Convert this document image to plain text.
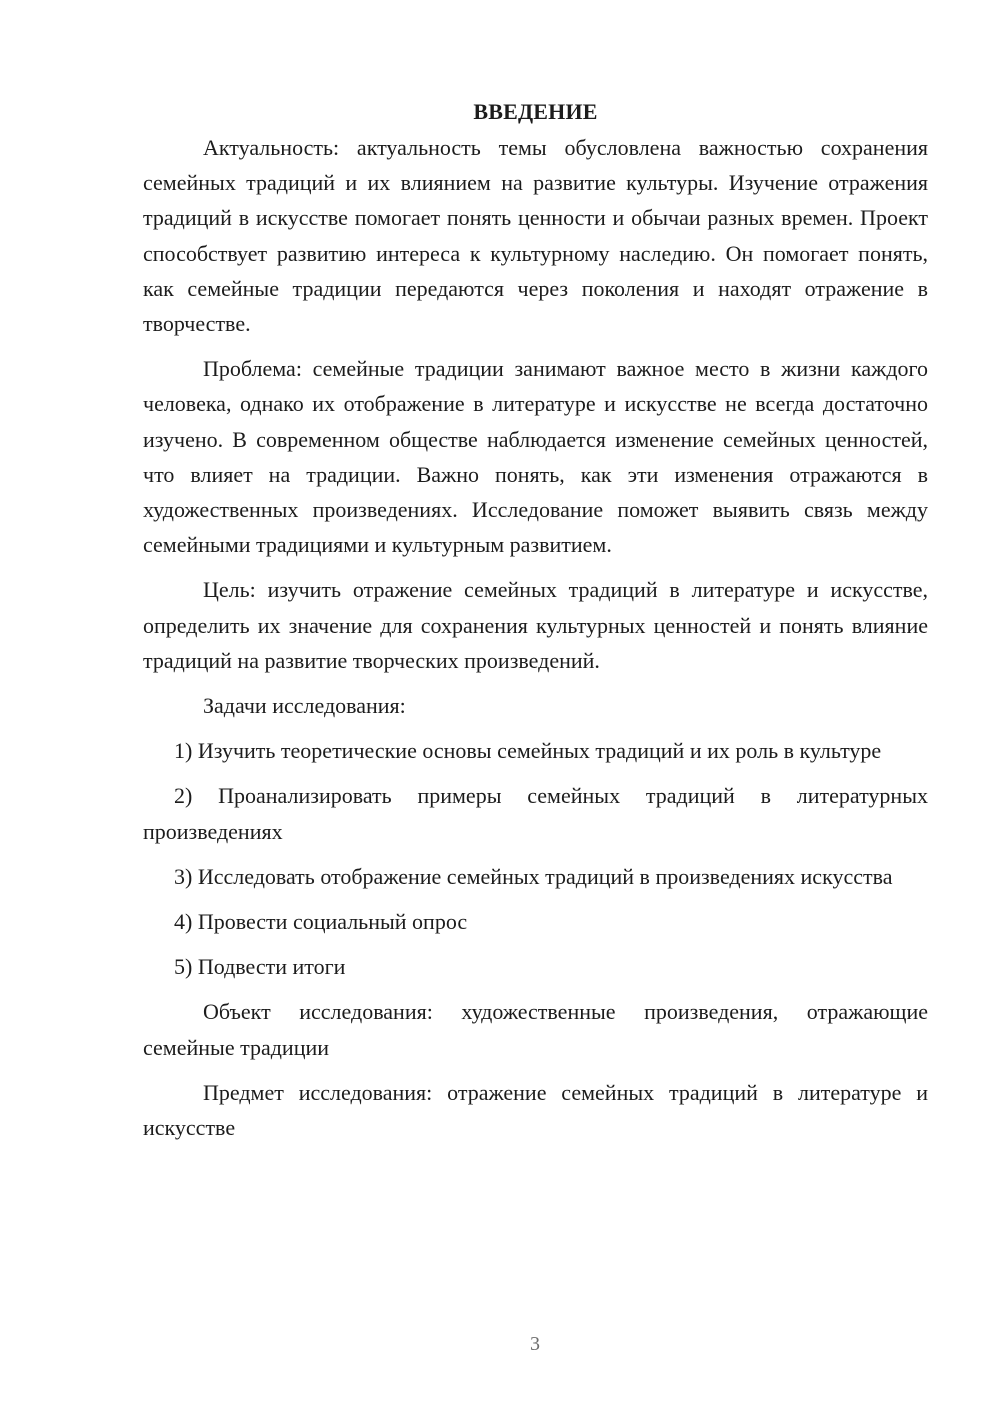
ВВЕДЕНИЕ

Актуальность: актуальность темы обусловлена важностью сохранения семейных традиций и их влиянием на развитие культуры. Изучение отражения традиций в искусстве помогает понять ценности и обычаи разных времен. Проект способствует развитию интереса к культурному наследию. Он помогает понять, как семейные традиции передаются через поколения и находят отражение в творчестве.

Проблема: семейные традиции занимают важное место в жизни каждого человека, однако их отображение в литературе и искусстве не всегда достаточно изучено. В современном обществе наблюдается изменение семейных ценностей, что влияет на традиции. Важно понять, как эти изменения отражаются в художественных произведениях. Исследование поможет выявить связь между семейными традициями и культурным развитием.

Цель: изучить отражение семейных традиций в литературе и искусстве, определить их значение для сохранения культурных ценностей и понять влияние традиций на развитие творческих произведений.

Задачи исследования:

1) Изучить теоретические основы семейных традиций и их роль в культуре

2) Проанализировать примеры семейных традиций в литературных произведениях

3) Исследовать отображение семейных традиций в произведениях искусства

4) Провести социальный опрос

5) Подвести итоги

Объект исследования: художественные произведения, отражающие семейные традиции

Предмет исследования: отражение семейных традиций в литературе и искусстве

3
